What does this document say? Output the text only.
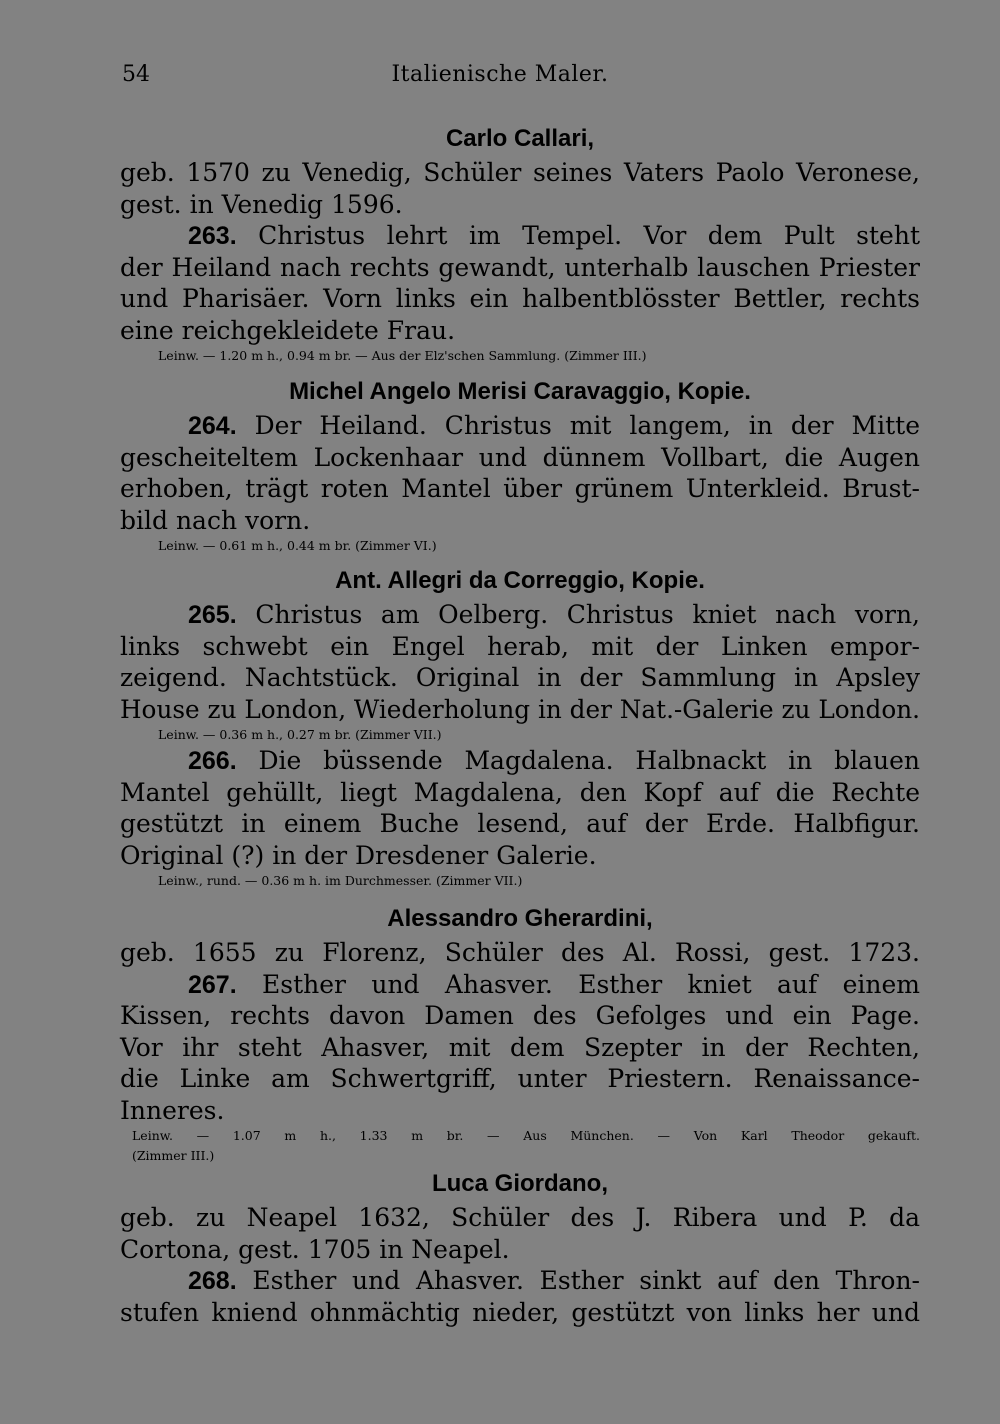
54	Italienische Maler.
Carlo Callari,
geb. 1570 zu Venedig, Schüler seines Vaters Paolo Veronese,
gest. in Venedig 1596.
263. Christus lehrt im Tempel. Vor dem Pult steht
der Heiland nach rechts gewandt, unterhalb lauschen Priester
und Pharisäer. Vorn links ein halbentblösster Bettler, rechts
eine reichgekleidete Frau.
Leinw. — 1.20 m h., 0.94 m br. — Aus der Elz'schen Sammlung. (Zimmer III.)
Michel Angelo Merisi Caravaggio, Kopie.
264. Der Heiland. Christus mit langem, in der Mitte
gescheiteltem Lockenhaar und dünnem Vollbart, die Augen
erhoben, trägt roten Mantel über grünem Unterkleid. Brust-
bild nach vorn.
Leinw. — 0.61 m h., 0.44 m br. (Zimmer VI.)
Ant. Allegri da Correggio, Kopie.
265. Christus am Oelberg. Christus kniet nach vorn,
links schwebt ein Engel herab, mit der Linken empor-
zeigend. Nachtstück. Original in der Sammlung in Apsley
House zu London, Wiederholung in der Nat.-Galerie zu London.
Leinw. — 0.36 m h., 0.27 m br. (Zimmer VII.)
266. Die büssende Magdalena. Halbnackt in blauen
Mantel gehüllt, liegt Magdalena, den Kopf auf die Rechte
gestützt in einem Buche lesend, auf der Erde. Halbfigur.
Original (?) in der Dresdener Galerie.
Leinw., rund. — 0.36 m h. im Durchmesser. (Zimmer VII.)
Alessandro Gherardini,
geb. 1655 zu Florenz, Schüler des Al. Rossi, gest. 1723.
267. Esther und Ahasver. Esther kniet auf einem
Kissen, rechts davon Damen des Gefolges und ein Page.
Vor ihr steht Ahasver, mit dem Szepter in der Rechten,
die Linke am Schwertgriff, unter Priestern. Renaissance-
Inneres.
Leinw. — 1.07 m h., 1.33 m br. — Aus München. — Von Karl Theodor gekauft.
(Zimmer III.)
Luca Giordano,
geb. zu Neapel 1632, Schüler des J. Ribera und P. da
Cortona, gest. 1705 in Neapel.
268. Esther und Ahasver. Esther sinkt auf den Thron-
stufen kniend ohnmächtig nieder, gestützt von links her und
